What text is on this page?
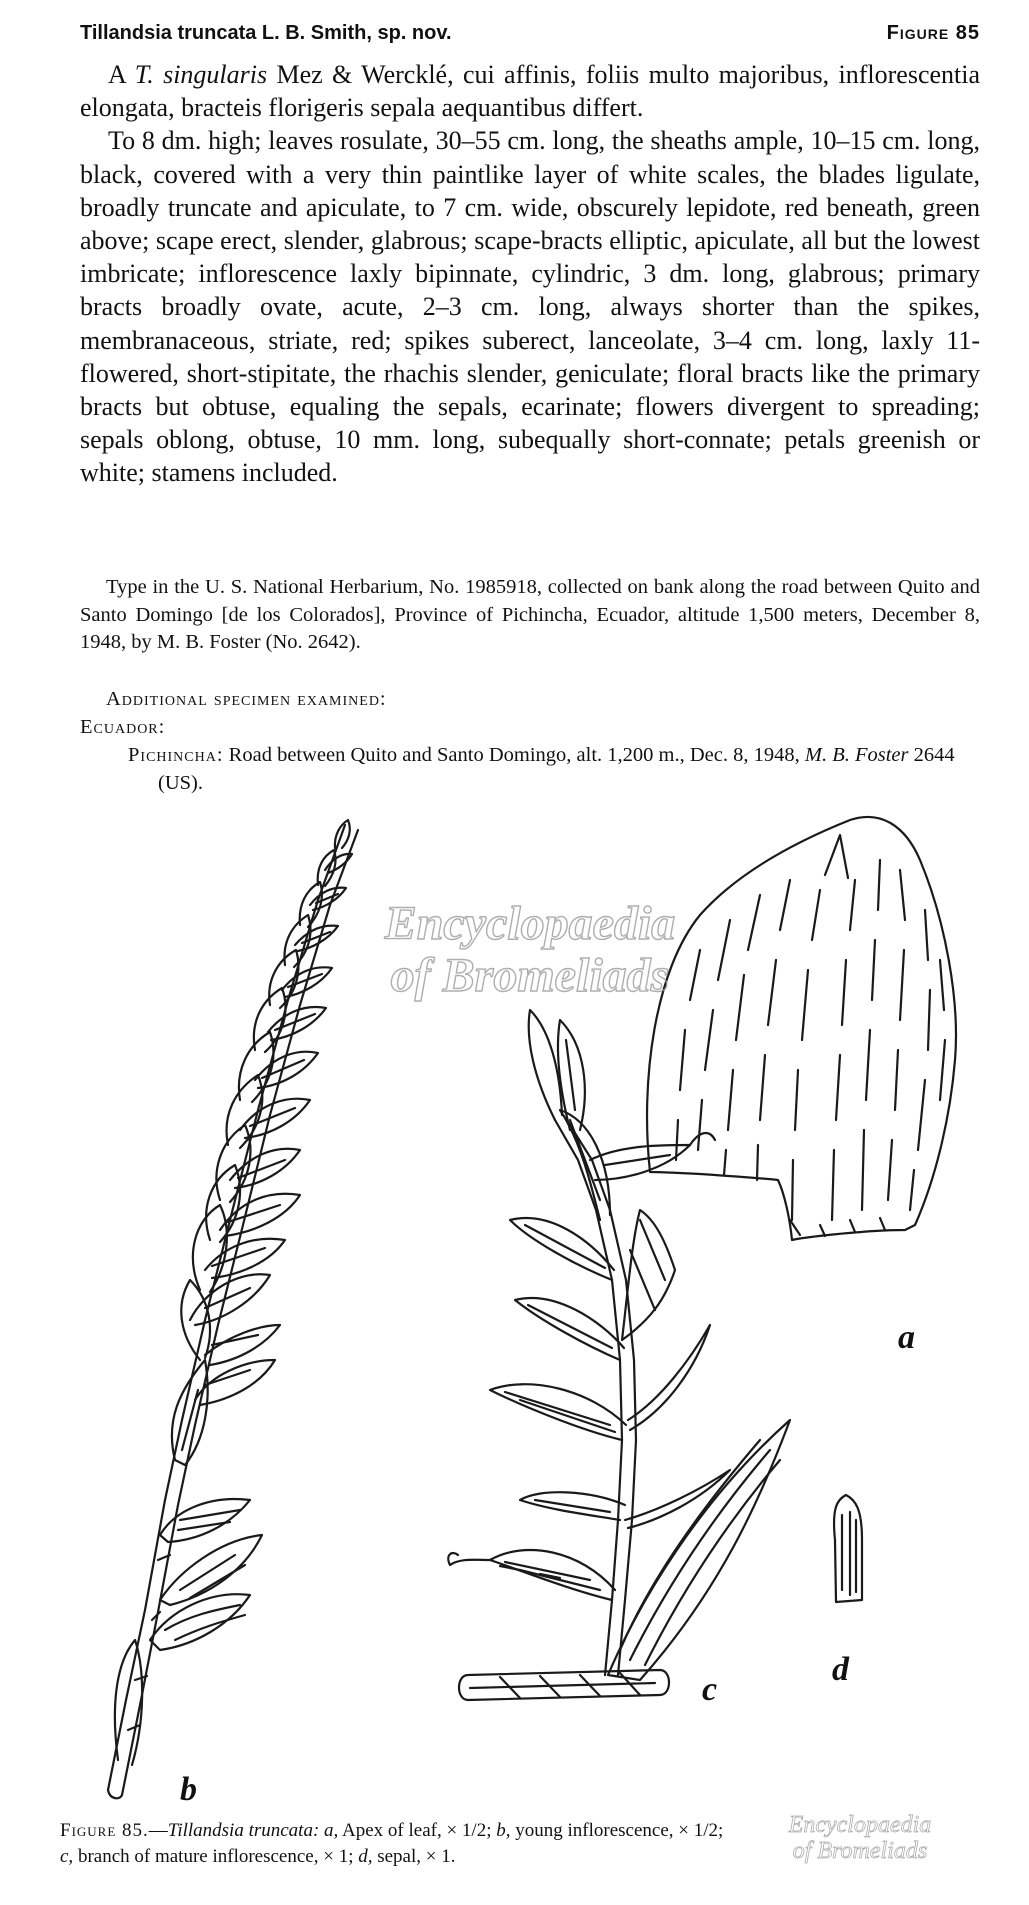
Tillandsia truncata L. B. Smith, sp. nov.	Figure 85

A T. singularis Mez & Wercklé, cui affinis, foliis multo majoribus, inflorescentia elongata, bracteis florigeris sepala aequantibus differt.

To 8 dm. high; leaves rosulate, 30–55 cm. long, the sheaths ample, 10–15 cm. long, black, covered with a very thin paintlike layer of white scales, the blades ligulate, broadly truncate and apiculate, to 7 cm. wide, obscurely lepidote, red beneath, green above; scape erect, slender, glabrous; scape-bracts elliptic, apiculate, all but the lowest imbricate; inflorescence laxly bipinnate, cylindric, 3 dm. long, glabrous; primary bracts broadly ovate, acute, 2–3 cm. long, always shorter than the spikes, membranaceous, striate, red; spikes suberect, lanceolate, 3–4 cm. long, laxly 11-flowered, short-stipitate, the rhachis slender, geniculate; floral bracts like the primary bracts but obtuse, equaling the sepals, ecarinate; flowers divergent to spreading; sepals oblong, obtuse, 10 mm. long, subequally short-connate; petals greenish or white; stamens included.

Type in the U. S. National Herbarium, No. 1985918, collected on bank along the road between Quito and Santo Domingo [de los Colorados], Province of Pichincha, Ecuador, altitude 1,500 meters, December 8, 1948, by M. B. Foster (No. 2642).

Additional specimen examined:
Ecuador:
Pichincha: Road between Quito and Santo Domingo, alt. 1,200 m., Dec. 8, 1948, M. B. Foster 2644 (US).
a
b
c
d
Encyclopaedia
of Bromeliads
Encyclopaedia
of Bromeliads
Figure 85.—Tillandsia truncata: a, Apex of leaf, × 1/2; b, young inflorescence, × 1/2;
c, branch of mature inflorescence, × 1; d, sepal, × 1.
